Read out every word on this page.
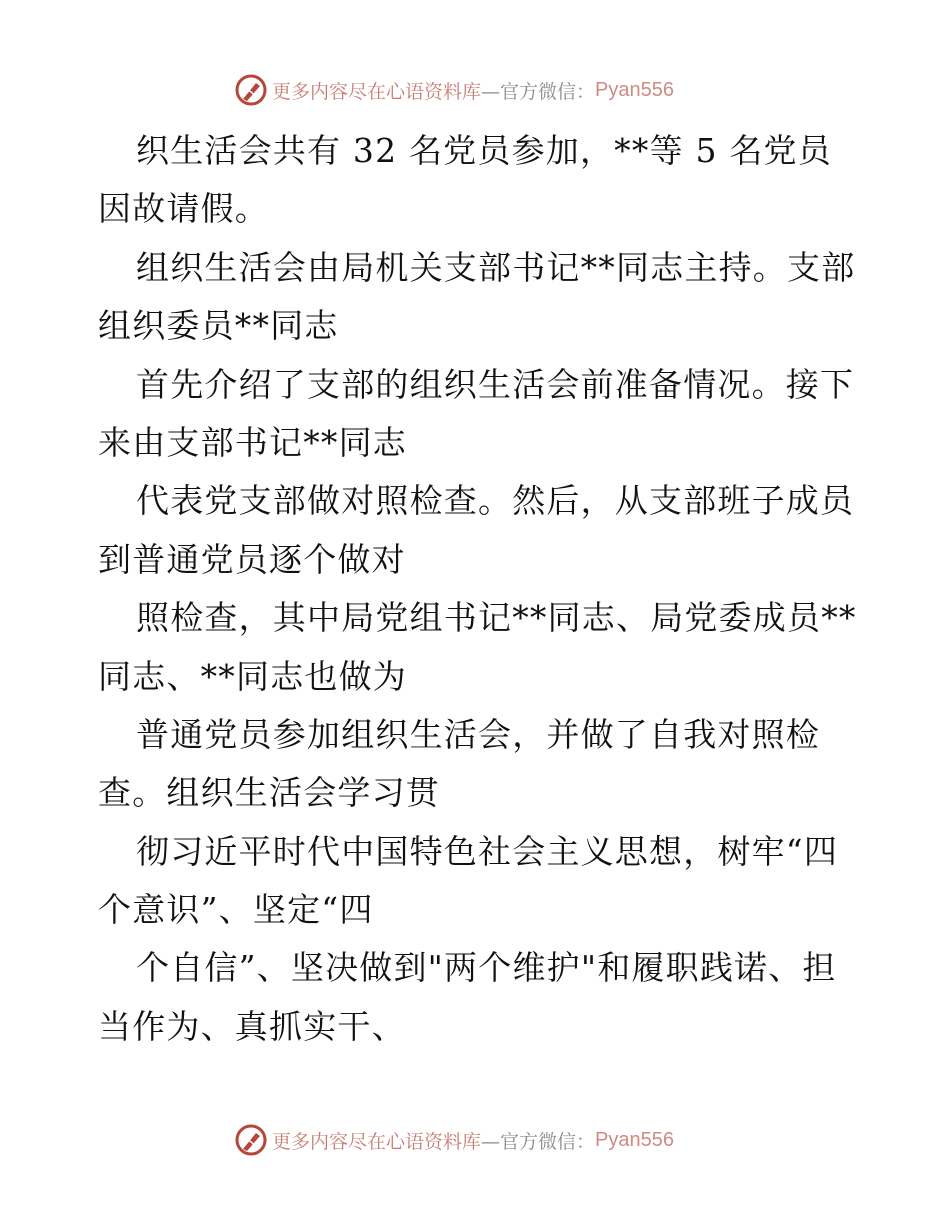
更多内容尽在心语资料库 —官方微信： Pyan556
织生活会共有 32 名党员参加，**等 5 名党员
因故请假。
组织生活会由局机关支部书记**同志主持。支部
组织委员**同志
首先介绍了支部的组织生活会前准备情况。接下
来由支部书记**同志
代表党支部做对照检查。然后，从支部班子成员
到普通党员逐个做对
照检查，其中局党组书记**同志、局党委成员**
同志、**同志也做为
普通党员参加组织生活会，并做了自我对照检
查。组织生活会学习贯
彻习近平时代中国特色社会主义思想，树牢“四
个意识”、坚定“四
个自信”、坚决做到"两个维护"和履职践诺、担
当作为、真抓实干、
更多内容尽在心语资料库 —官方微信： Pyan556
